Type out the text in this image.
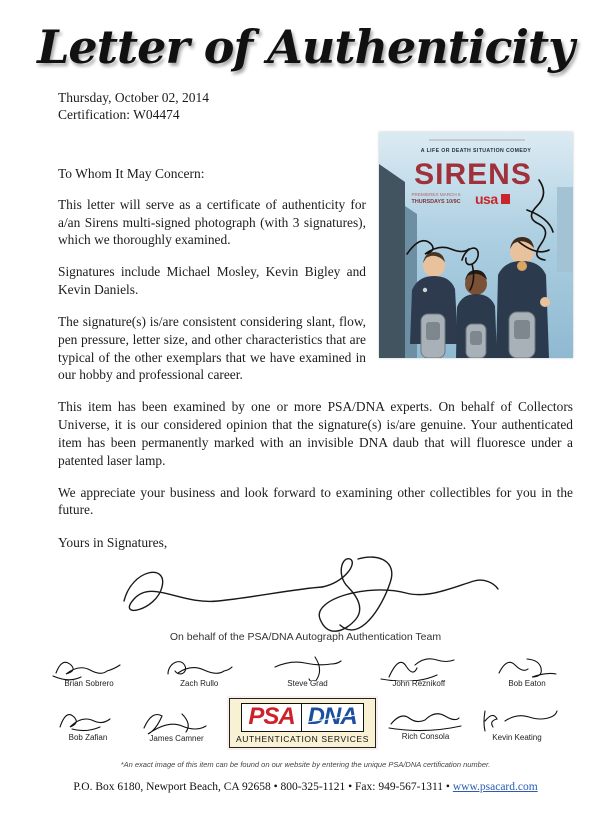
Letter of Authenticity
Thursday, October 02, 2014
Certification: W04474
A LIFE OR DEATH SITUATION COMEDY
SIRENS
PREMIERES MARCH 6
THURSDAYS 10/9C usa
To Whom It May Concern:

This letter will serve as a certificate of authenticity for a/an Sirens multi-signed photograph (with 3 signatures), which we thoroughly examined.

Signatures include Michael Mosley, Kevin Bigley and Kevin Daniels.

The signature(s) is/are consistent considering slant, flow, pen pressure, letter size, and other characteristics that are typical of the other exemplars that we have examined in our hobby and professional career.

This item has been examined by one or more PSA/DNA experts. On behalf of Collectors Universe, it is our considered opinion that the signature(s) is/are genuine. Your authenticated item has been permanently marked with an invisible DNA daub that will fluoresce under a patented laser lamp.

We appreciate your business and look forward to examining other collectibles for you in the future.

Yours in Signatures,
On behalf of the PSA/DNA Autograph Authentication Team
Brian Sobrero	Zach Rullo	Steve Grad	John Reznikoff	Bob Eaton
Bob Zafian	James Camner
PSA DNA
AUTHENTICATION SERVICES	Rich Consola	Kevin Keating
*An exact image of this item can be found on our website by entering the unique PSA/DNA certification number.
P.O. Box 6180, Newport Beach, CA 92658 • 800-325-1121 • Fax: 949-567-1311 • www.psacard.com
